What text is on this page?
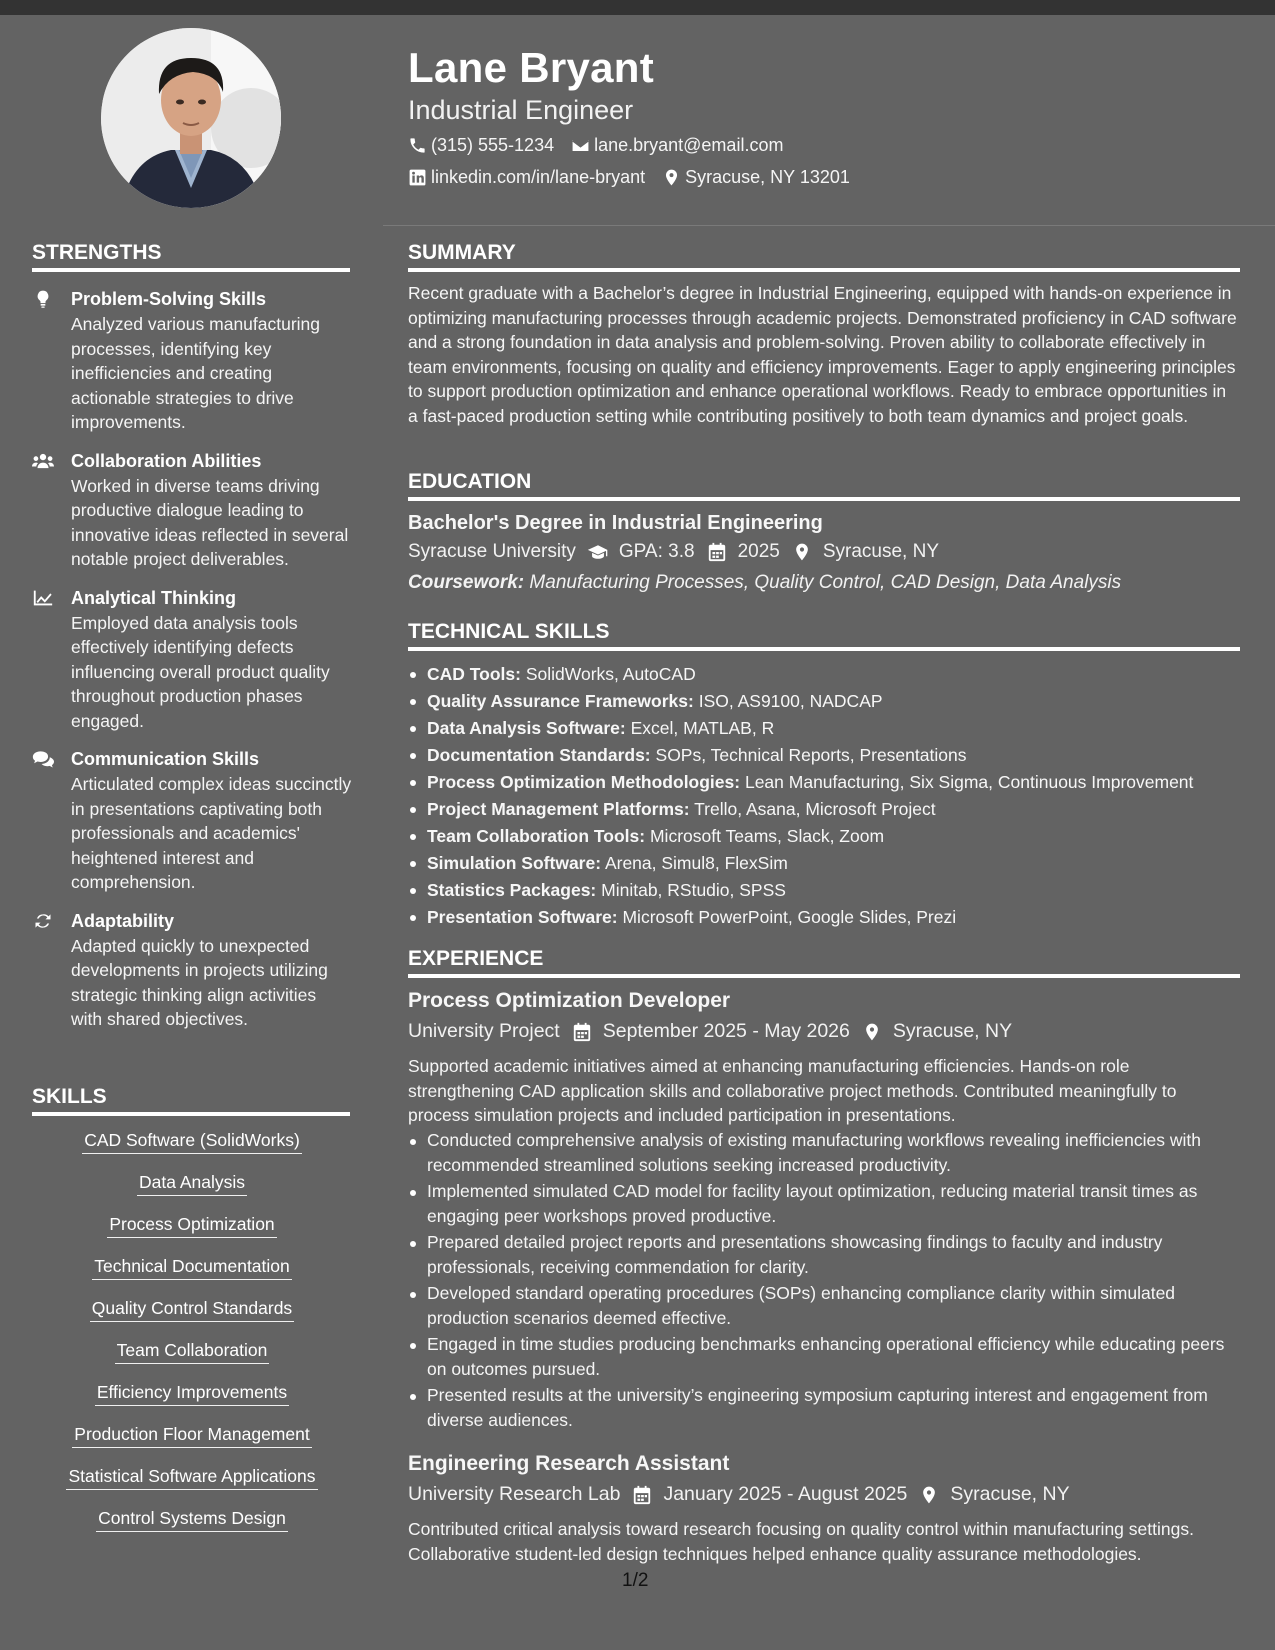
Lane Bryant
Industrial Engineer
(315) 555-1234 lane.bryant@email.com
linkedin.com/in/lane-bryant Syracuse, NY 13201
STRENGTHS
Problem-Solving Skills
Analyzed various manufacturing processes, identifying key inefficiencies and creating actionable strategies to drive improvements.
Collaboration Abilities
Worked in diverse teams driving productive dialogue leading to innovative ideas reflected in several notable project deliverables.
Analytical Thinking
Employed data analysis tools effectively identifying defects influencing overall product quality throughout production phases engaged.
Communication Skills
Articulated complex ideas succinctly in presentations captivating both professionals and academics' heightened interest and comprehension.
Adaptability
Adapted quickly to unexpected developments in projects utilizing strategic thinking align activities with shared objectives.
SKILLS
CAD Software (SolidWorks)
Data Analysis
Process Optimization
Technical Documentation
Quality Control Standards
Team Collaboration
Efficiency Improvements
Production Floor Management
Statistical Software Applications
Control Systems Design
SUMMARY
Recent graduate with a Bachelor’s degree in Industrial Engineering, equipped with hands-on experience in optimizing manufacturing processes through academic projects. Demonstrated proficiency in CAD software and a strong foundation in data analysis and problem-solving. Proven ability to collaborate effectively in team environments, focusing on quality and efficiency improvements. Eager to apply engineering principles to support production optimization and enhance operational workflows. Ready to embrace opportunities in a fast-paced production setting while contributing positively to both team dynamics and project goals.
EDUCATION
Bachelor's Degree in Industrial Engineering
Syracuse University GPA: 3.8 2025 Syracuse, NY
Coursework: Manufacturing Processes, Quality Control, CAD Design, Data Analysis
TECHNICAL SKILLS
CAD Tools: SolidWorks, AutoCAD
Quality Assurance Frameworks: ISO, AS9100, NADCAP
Data Analysis Software: Excel, MATLAB, R
Documentation Standards: SOPs, Technical Reports, Presentations
Process Optimization Methodologies: Lean Manufacturing, Six Sigma, Continuous Improvement
Project Management Platforms: Trello, Asana, Microsoft Project
Team Collaboration Tools: Microsoft Teams, Slack, Zoom
Simulation Software: Arena, Simul8, FlexSim
Statistics Packages: Minitab, RStudio, SPSS
Presentation Software: Microsoft PowerPoint, Google Slides, Prezi
EXPERIENCE
Process Optimization Developer
University Project September 2025 - May 2026 Syracuse, NY
Supported academic initiatives aimed at enhancing manufacturing efficiencies. Hands-on role strengthening CAD application skills and collaborative project methods. Contributed meaningfully to process simulation projects and included participation in presentations.
Conducted comprehensive analysis of existing manufacturing workflows revealing inefficiencies with recommended streamlined solutions seeking increased productivity.
Implemented simulated CAD model for facility layout optimization, reducing material transit times as engaging peer workshops proved productive.
Prepared detailed project reports and presentations showcasing findings to faculty and industry professionals, receiving commendation for clarity.
Developed standard operating procedures (SOPs) enhancing compliance clarity within simulated production scenarios deemed effective.
Engaged in time studies producing benchmarks enhancing operational efficiency while educating peers on outcomes pursued.
Presented results at the university’s engineering symposium capturing interest and engagement from diverse audiences.
Engineering Research Assistant
University Research Lab January 2025 - August 2025 Syracuse, NY
Contributed critical analysis toward research focusing on quality control within manufacturing settings. Collaborative student-led design techniques helped enhance quality assurance methodologies.
1/2
